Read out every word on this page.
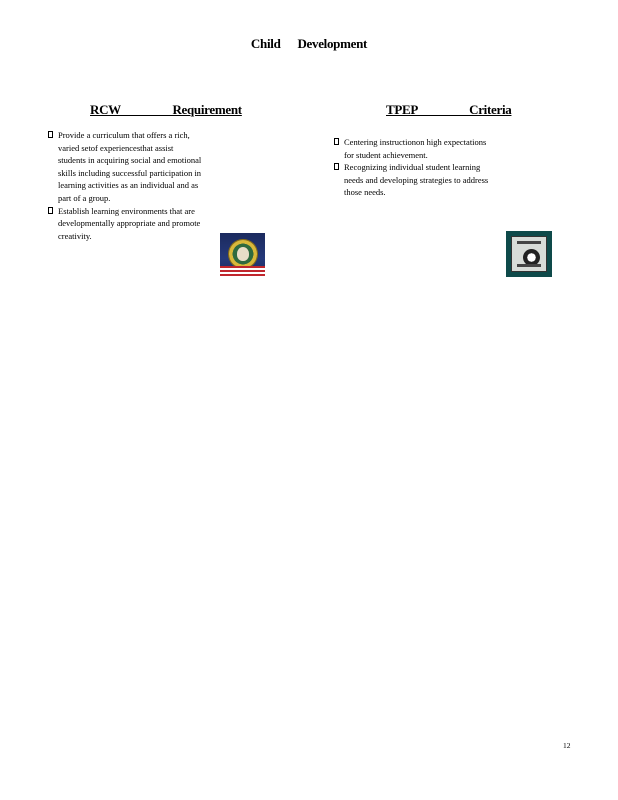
Child Development
RCW    Requirement	TPEP    Criteria
Provide a curriculum that offers a rich,
varied setof experiencesthat assist
students in acquiring social and emotional
skills including successful participation in
learning activities as an individual and as
part of a group.
Establish learning environments that are
developmentally appropriate and promote
creativity.
Centering instructionon high expectations
for student achievement.
Recognizing individual student learning
needs and developing strategies to address
those needs.
12
